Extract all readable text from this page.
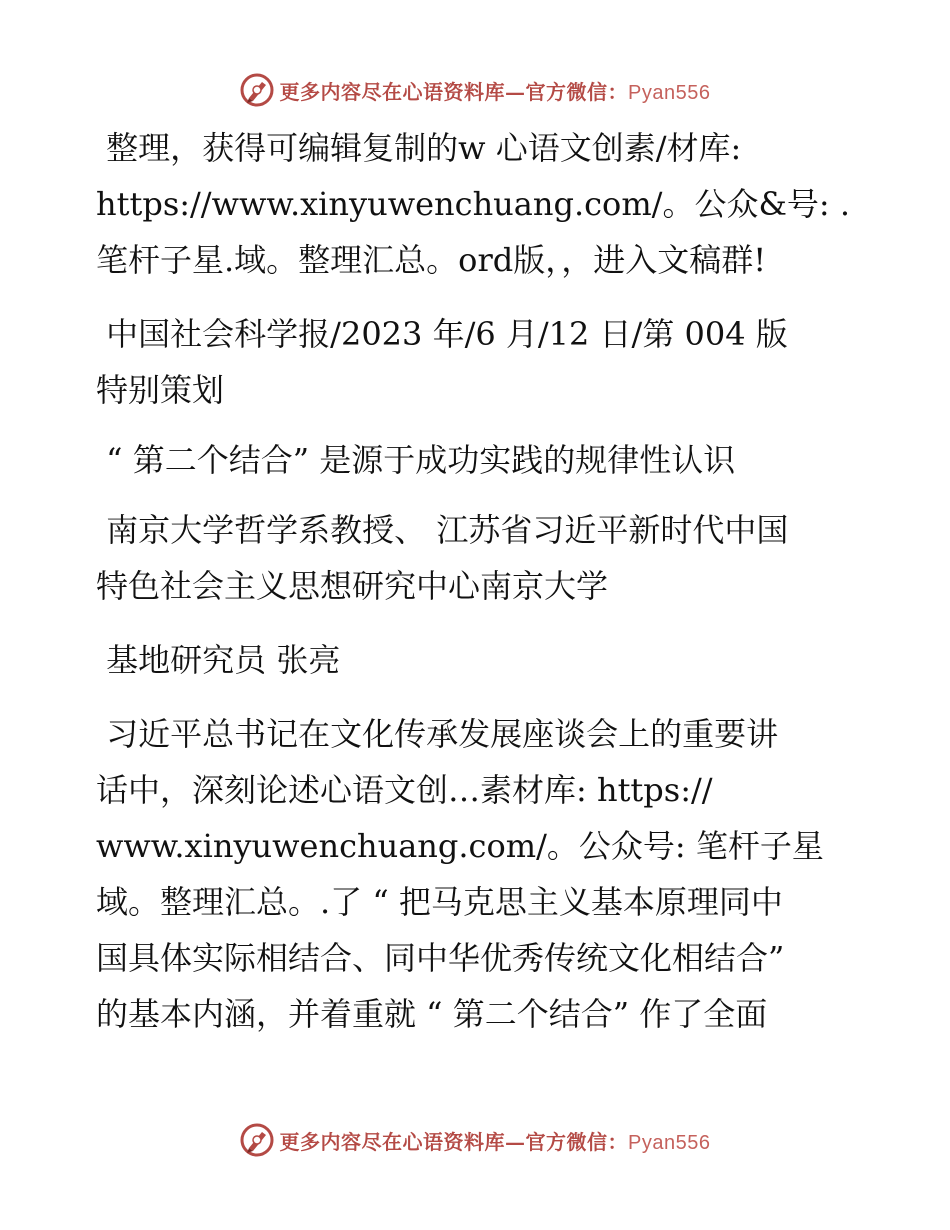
更多内容尽在心语资料库—官方微信：Pyan556
整理，获得可编辑复制的w 心语文创素/材库:
https://www.xinyuwenchuang.com/。公众&号: .
笔杆子星.域。整理汇总。ord版，，进入文稿群!
中国社会科学报/2023 年/6 月/12 日/第 004 版
特别策划
“ 第二个结合” 是源于成功实践的规律性认识
南京大学哲学系教授、 江苏省习近平新时代中国
特色社会主义思想研究中心南京大学
基地研究员 张亮
习近平总书记在文化传承发展座谈会上的重要讲
话中，深刻论述心语文创…素材库: https://
www.xinyuwenchuang.com/。公众号: 笔杆子星
域。整理汇总。.了 “ 把马克思主义基本原理同中
国具体实际相结合、同中华优秀传统文化相结合”
的基本内涵，并着重就 “ 第二个结合” 作了全面
更多内容尽在心语资料库—官方微信：Pyan556
